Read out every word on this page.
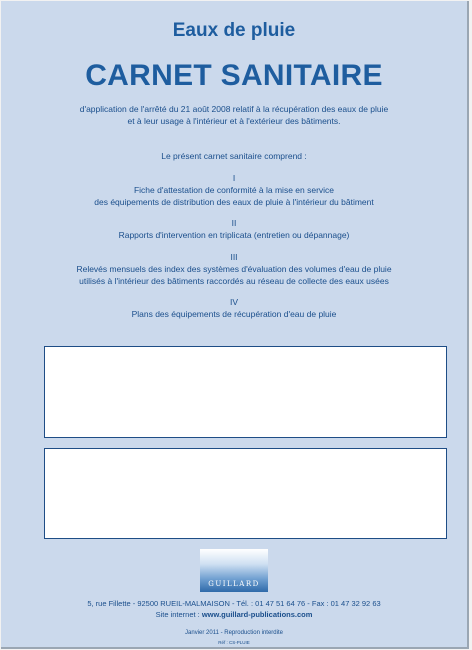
Eaux de pluie
CARNET SANITAIRE
d'application de l'arrêté du 21 août 2008 relatif à la récupération des eaux de pluie
et à leur usage à l'intérieur et à l'extérieur des bâtiments.
Le présent carnet sanitaire comprend :
I
Fiche d'attestation de conformité à la mise en service
des équipements de distribution des eaux de pluie à l'intérieur du bâtiment
II
Rapports d'intervention en triplicata (entretien ou dépannage)
III
Relevés mensuels des index des systèmes d'évaluation des volumes d'eau de pluie
utilisés à l'intérieur des bâtiments raccordés au réseau de collecte des eaux usées
IV
Plans des équipements de récupération d'eau de pluie
GUILLARD
5, rue Fillette - 92500 RUEIL-MALMAISON - Tél. : 01 47 51 64 76 - Fax : 01 47 32 92 63
Site internet : www.guillard-publications.com
Janvier 2011 - Reproduction interdite
Réf : CS-PLUIE
